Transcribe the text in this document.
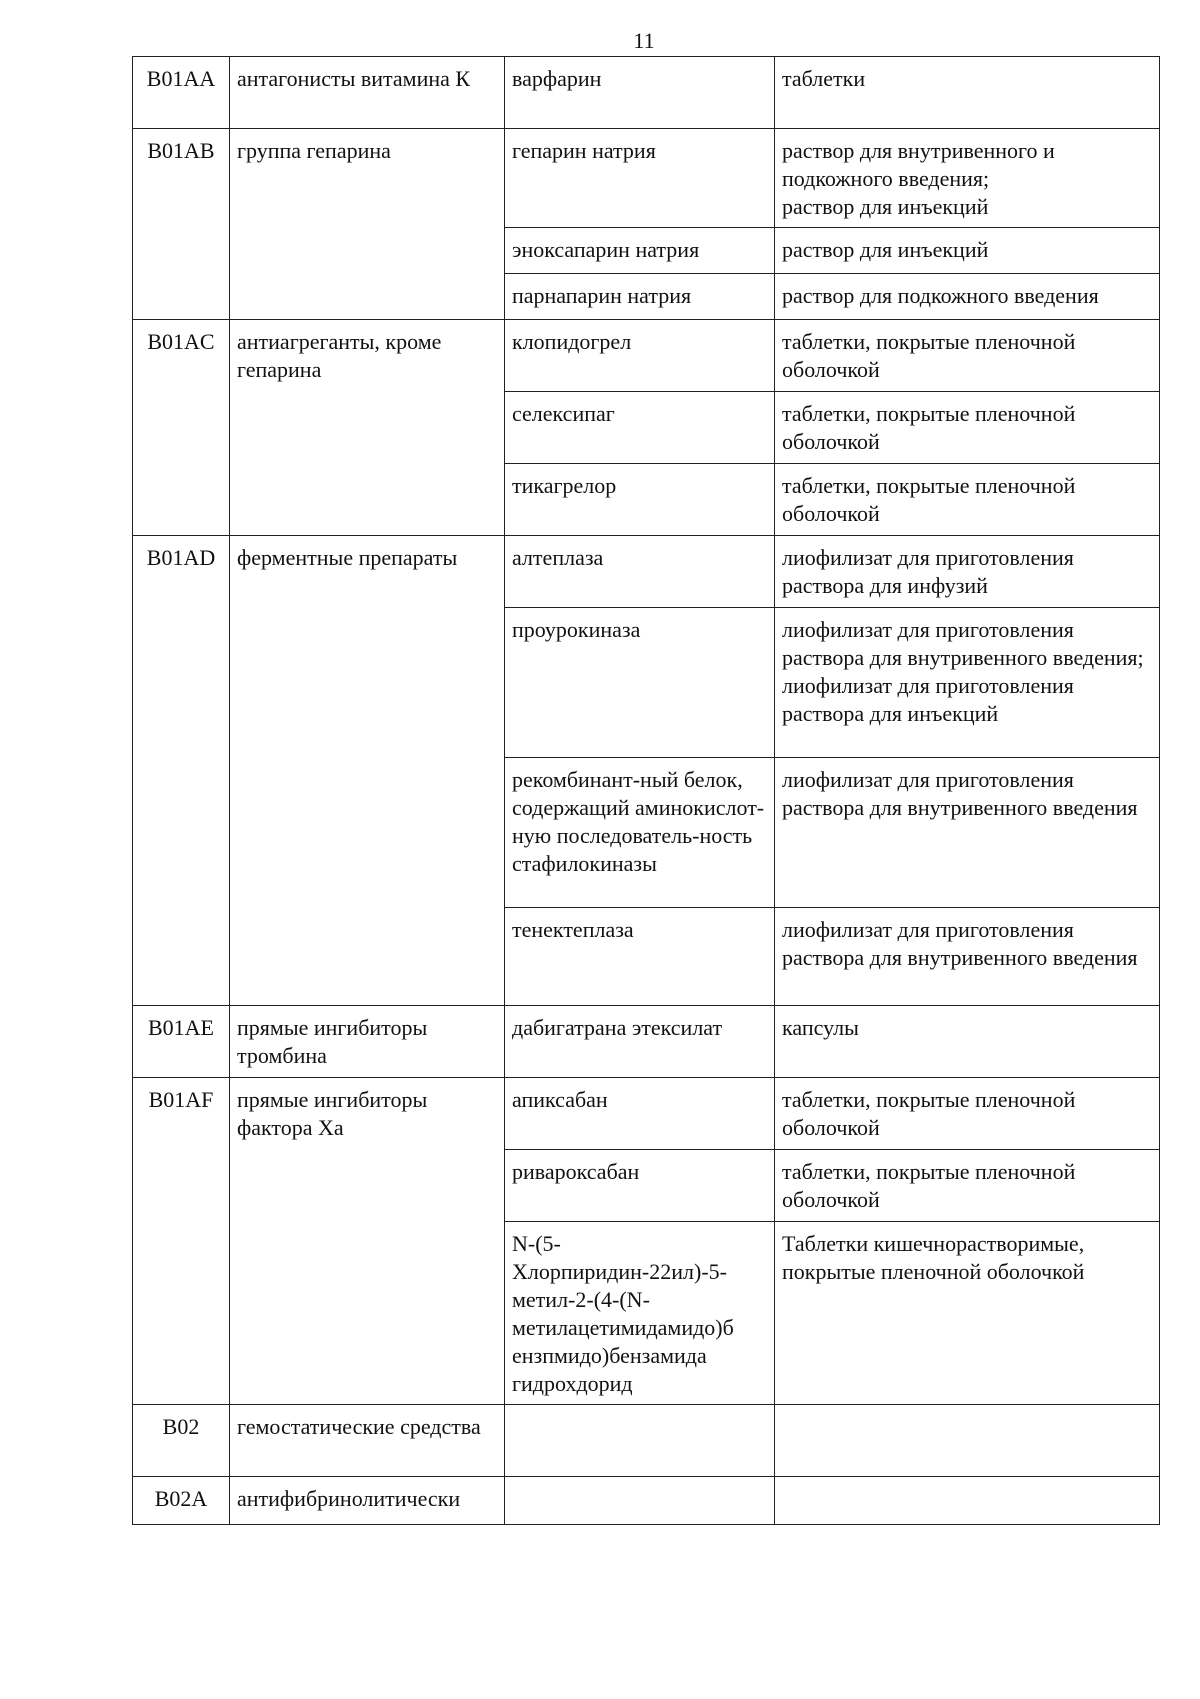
11
B01AA	антагонисты витамина К	варфарин	таблетки
B01AB	группа гепарина	гепарин натрия	раствор для внутривенного и подкожного введения;
раствор для инъекций
		эноксапарин натрия	раствор для инъекций
		парнапарин натрия	раствор для подкожного введения
B01AC	антиагреганты, кроме гепарина	клопидогрел	таблетки, покрытые пленочной оболочкой
		селексипаг	таблетки, покрытые пленочной оболочкой
		тикагрелор	таблетки, покрытые пленочной оболочкой
B01AD	ферментные препараты	алтеплаза	лиофилизат для приготовления раствора для инфузий
		проурокиназа	лиофилизат для приготовления раствора для внутривенного введения;
лиофилизат для приготовления раствора для инъекций
		рекомбинант-ный белок, содержащий аминокислот-ную последователь-ность стафилокиназы	лиофилизат для приготовления раствора для внутривенного введения
		тенектеплаза	лиофилизат для приготовления раствора для внутривенного введения
B01AE	прямые ингибиторы тромбина	дабигатрана этексилат	капсулы
B01AF	прямые ингибиторы фактора Ха	апиксабан	таблетки, покрытые пленочной оболочкой
		ривароксабан	таблетки, покрытые пленочной оболочкой
		N-(5-
Хлорпиридин-22ил)-5-
метил-2-(4-(N-
метилацетимидамидо)б
ензпмидо)бензамида гидрохдорид	Таблетки кишечнорастворимые, покрытые пленочной оболочкой
B02	гемостатические средства		
B02A	антифибринолитически		
